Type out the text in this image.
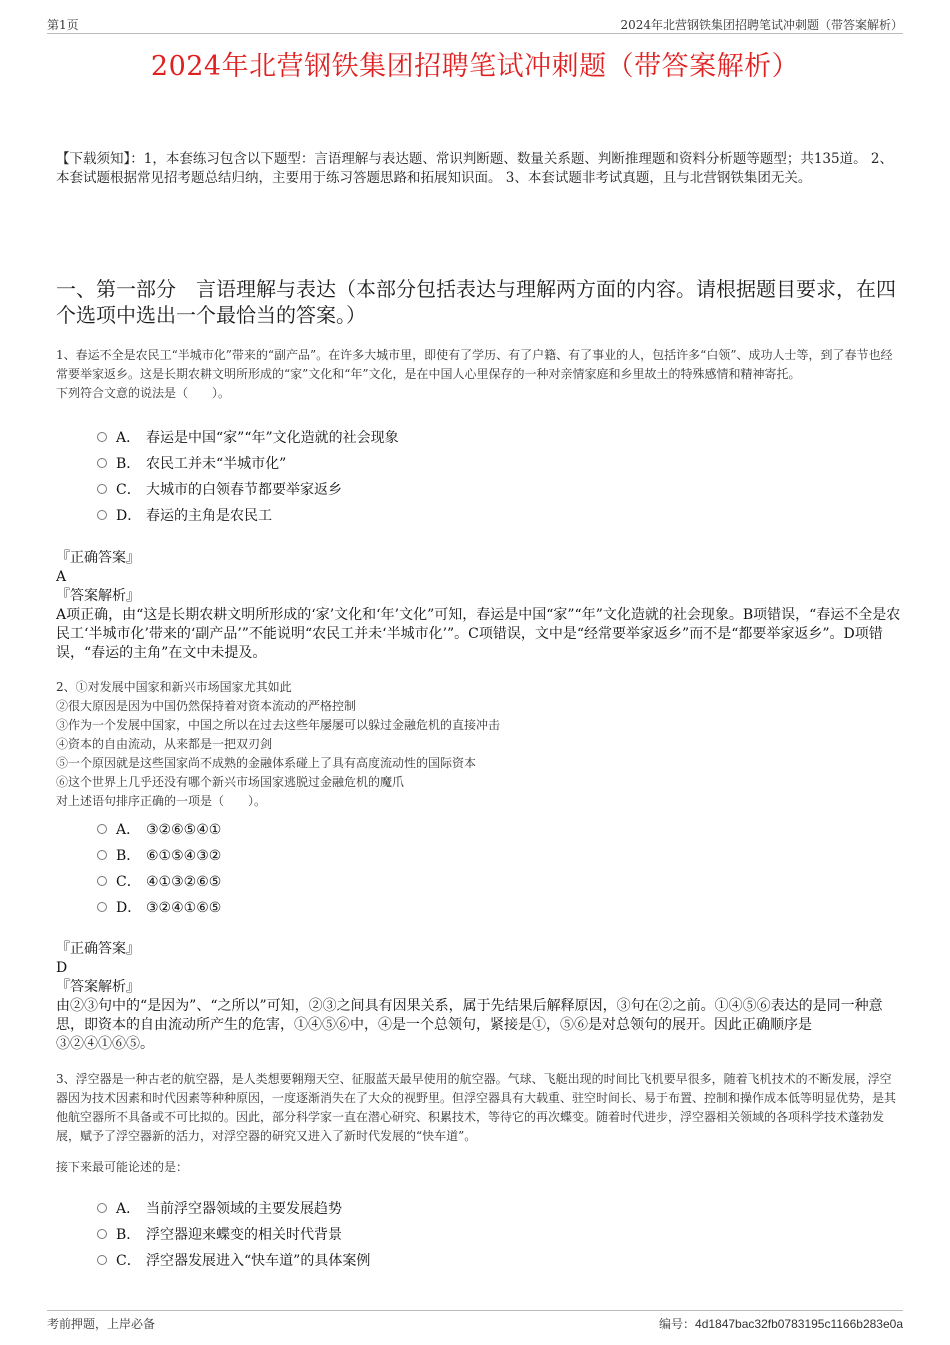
第1页	2024年北营钢铁集团招聘笔试冲刺题（带答案解析）
2024年北营钢铁集团招聘笔试冲刺题（带答案解析）
【下载须知】：1，本套练习包含以下题型：言语理解与表达题、常识判断题、数量关系题、判断推理题和资料分析题等题型；共135道。 2、本套试题根据常见招考题总结归纳，主要用于练习答题思路和拓展知识面。 3、本套试题非考试真题，且与北营钢铁集团无关。
一、第一部分　言语理解与表达（本部分包括表达与理解两方面的内容。请根据题目要求，在四个选项中选出一个最恰当的答案。）

1、春运不全是农民工“半城市化”带来的“副产品”。在许多大城市里，即使有了学历、有了户籍、有了事业的人，包括许多“白领”、成功人士等，到了春节也经常要举家返乡。这是长期农耕文明所形成的“家”文化和“年”文化，是在中国人心里保存的一种对亲情家庭和乡里故土的特殊感情和精神寄托。

下列符合文意的说法是（　　）。

A． 春运是中国“家”“年”文化造就的社会现象
B． 农民工并未“半城市化”
C． 大城市的白领春节都要举家返乡
D． 春运的主角是农民工

『正确答案』

A

『答案解析』

A项正确，由“这是长期农耕文明所形成的‘家’文化和‘年’文化”可知，春运是中国“家”“年”文化造就的社会现象。B项错误，“春运不全是农民工‘半城市化’带来的‘副产品’”不能说明“农民工并未‘半城市化’”。C项错误，文中是“经常要举家返乡”而不是“都要举家返乡”。D项错误，“春运的主角”在文中未提及。

2、①对发展中国家和新兴市场国家尤其如此

②很大原因是因为中国仍然保持着对资本流动的严格控制

③作为一个发展中国家，中国之所以在过去这些年屡屡可以躲过金融危机的直接冲击

④资本的自由流动，从来都是一把双刃剑

⑤一个原因就是这些国家尚不成熟的金融体系碰上了具有高度流动性的国际资本

⑥这个世界上几乎还没有哪个新兴市场国家逃脱过金融危机的魔爪

对上述语句排序正确的一项是（　　）。

A． ③②⑥⑤④①
B． ⑥①⑤④③②
C． ④①③②⑥⑤
D． ③②④①⑥⑤

『正确答案』

D

『答案解析』

由②③句中的“是因为”、“之所以”可知，②③之间具有因果关系，属于先结果后解释原因，③句在②之前。①④⑤⑥表达的是同一种意思，即资本的自由流动所产生的危害，①④⑤⑥中，④是一个总领句，紧接是①，⑤⑥是对总领句的展开。因此正确顺序是③②④①⑥⑤。

3、浮空器是一种古老的航空器，是人类想要翱翔天空、征服蓝天最早使用的航空器。气球、飞艇出现的时间比飞机要早很多，随着飞机技术的不断发展，浮空器因为技术因素和时代因素等种种原因，一度逐渐消失在了大众的视野里。但浮空器具有大载重、驻空时间长、易于布置、控制和操作成本低等明显优势，是其他航空器所不具备或不可比拟的。因此，部分科学家一直在潜心研究、积累技术，等待它的再次蝶变。随着时代进步，浮空器相关领域的各项科学技术蓬勃发展，赋予了浮空器新的活力，对浮空器的研究又进入了新时代发展的“快车道”。

接下来最可能论述的是：

A． 当前浮空器领域的主要发展趋势
B． 浮空器迎来蝶变的相关时代背景
C． 浮空器发展进入“快车道”的具体案例
考前押题，上岸必备	编号：4d1847bac32fb0783195c1166b283e0a
